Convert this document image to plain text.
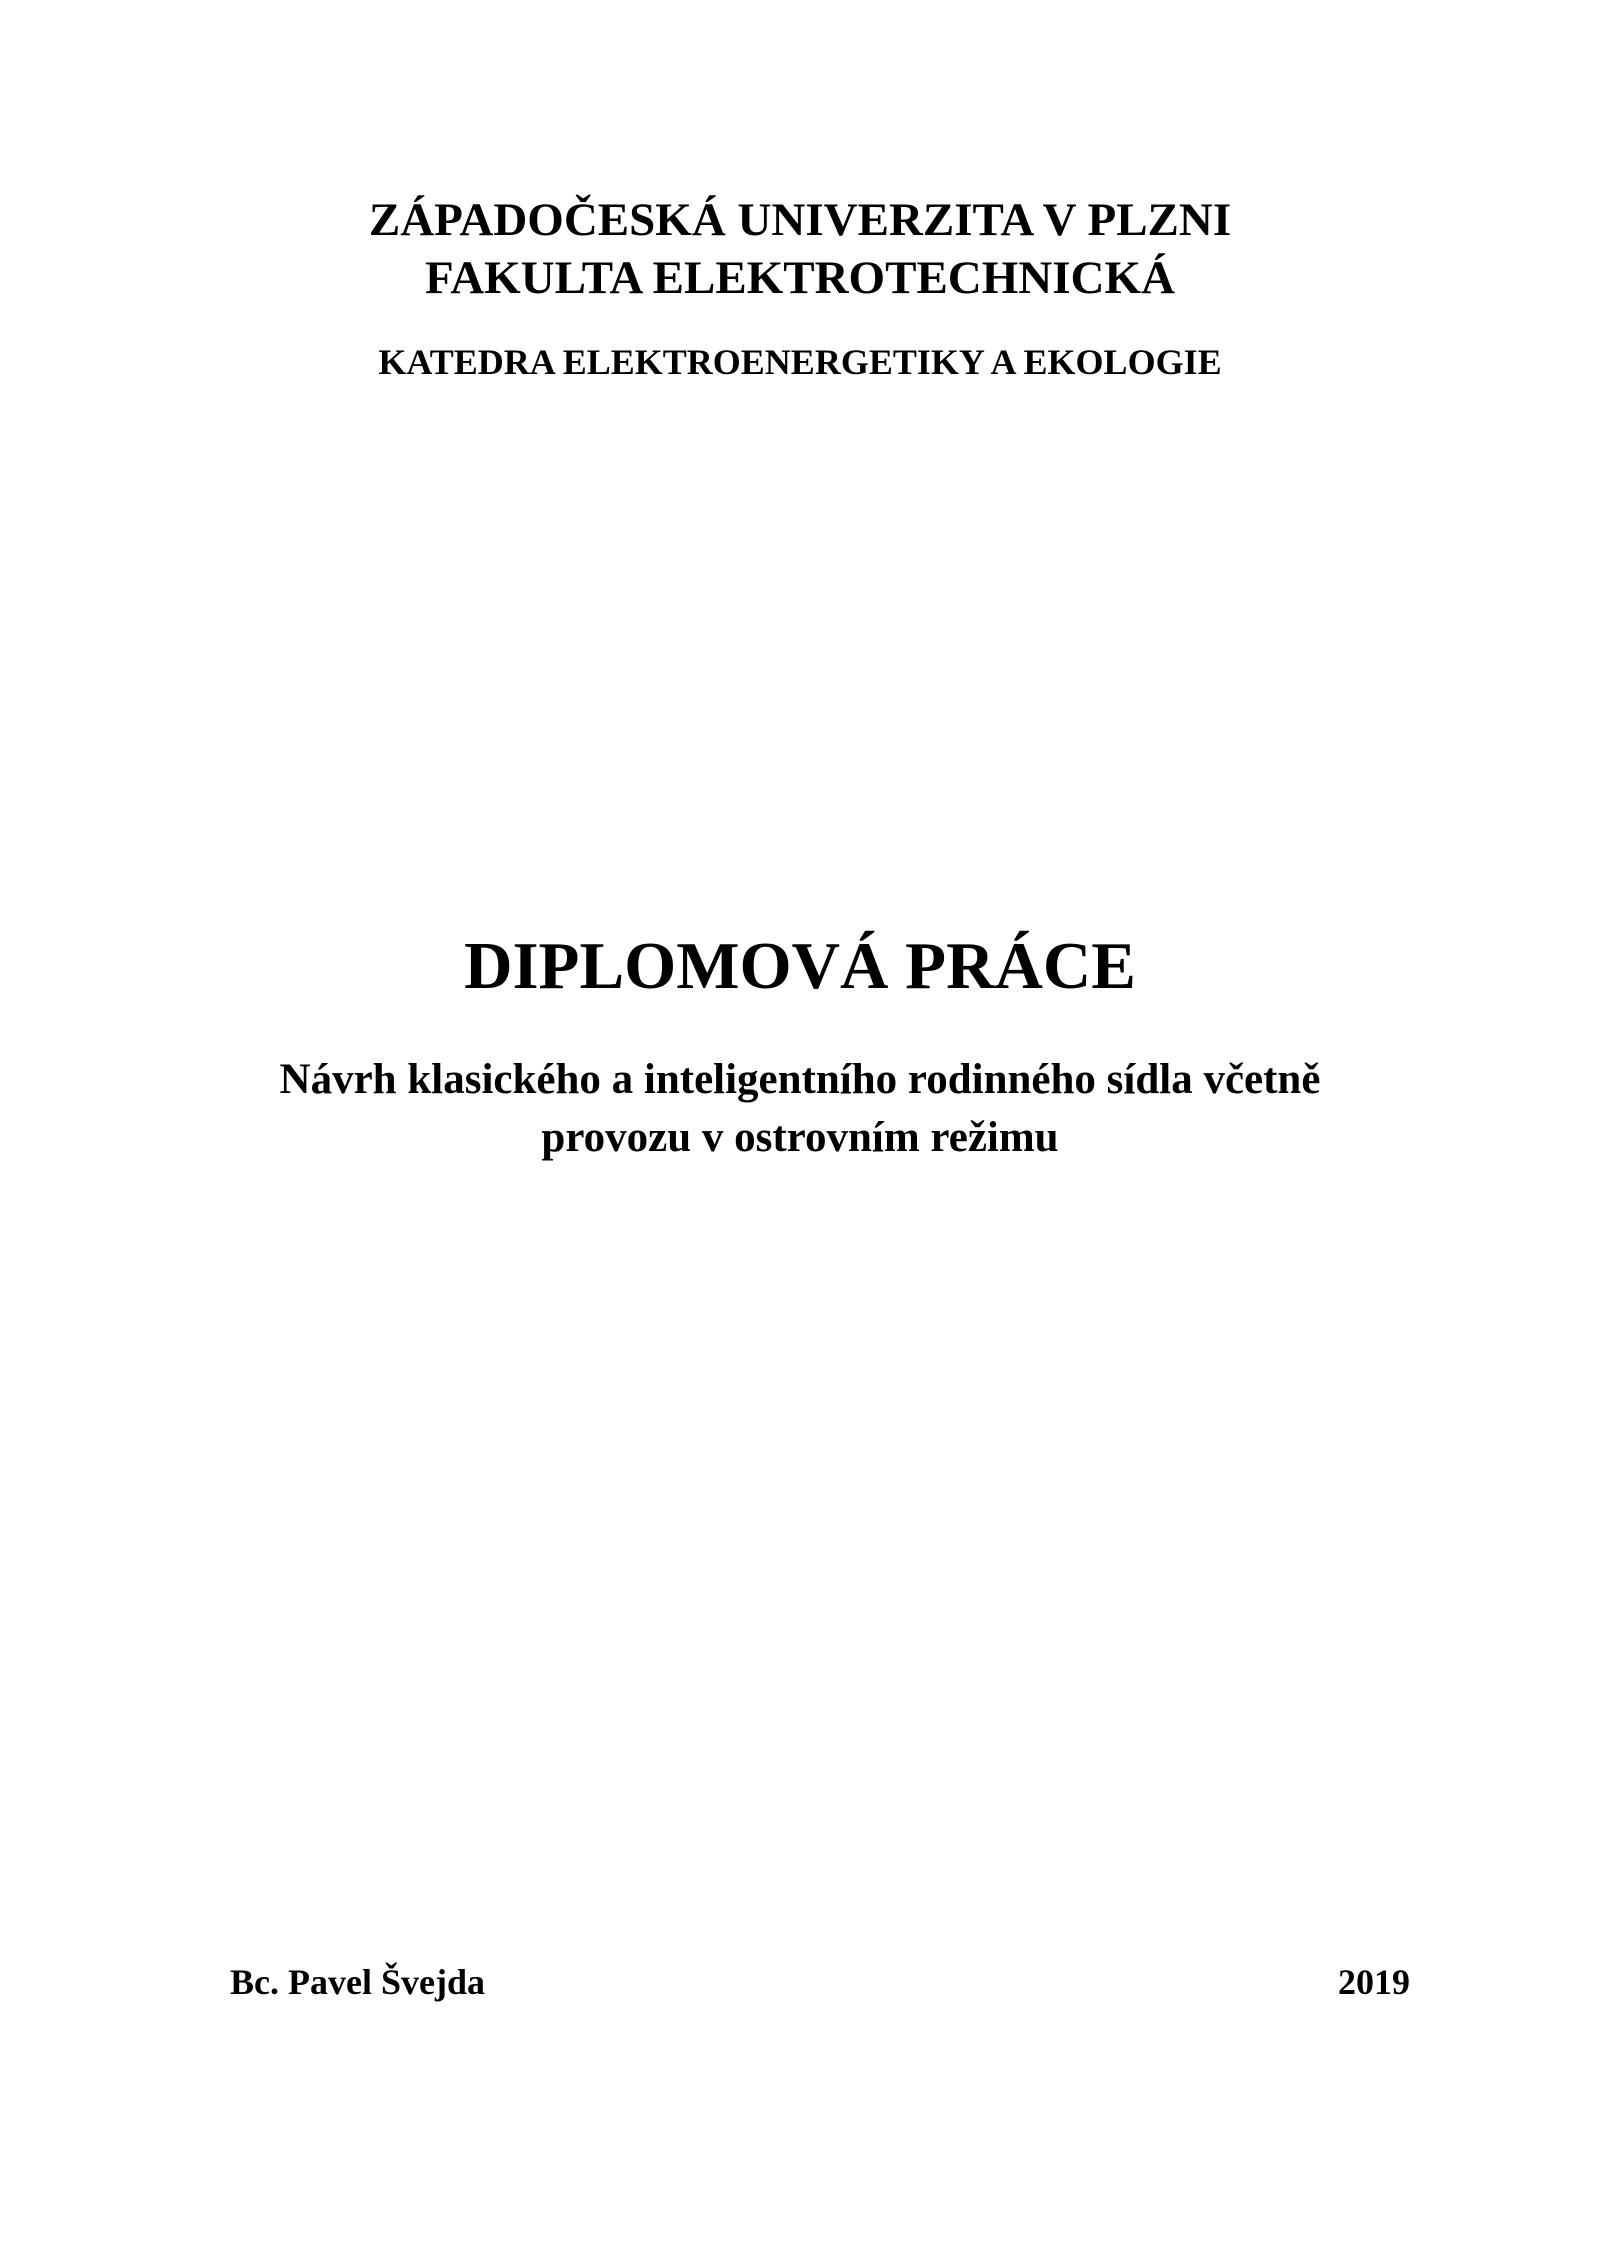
ZÁPADOČESKÁ UNIVERZITA V PLZNI
FAKULTA ELEKTROTECHNICKÁ
KATEDRA ELEKTROENERGETIKY A EKOLOGIE
DIPLOMOVÁ PRÁCE
Návrh klasického a inteligentního rodinného sídla včetně
provozu v ostrovním režimu
Bc. Pavel Švejda	2019
